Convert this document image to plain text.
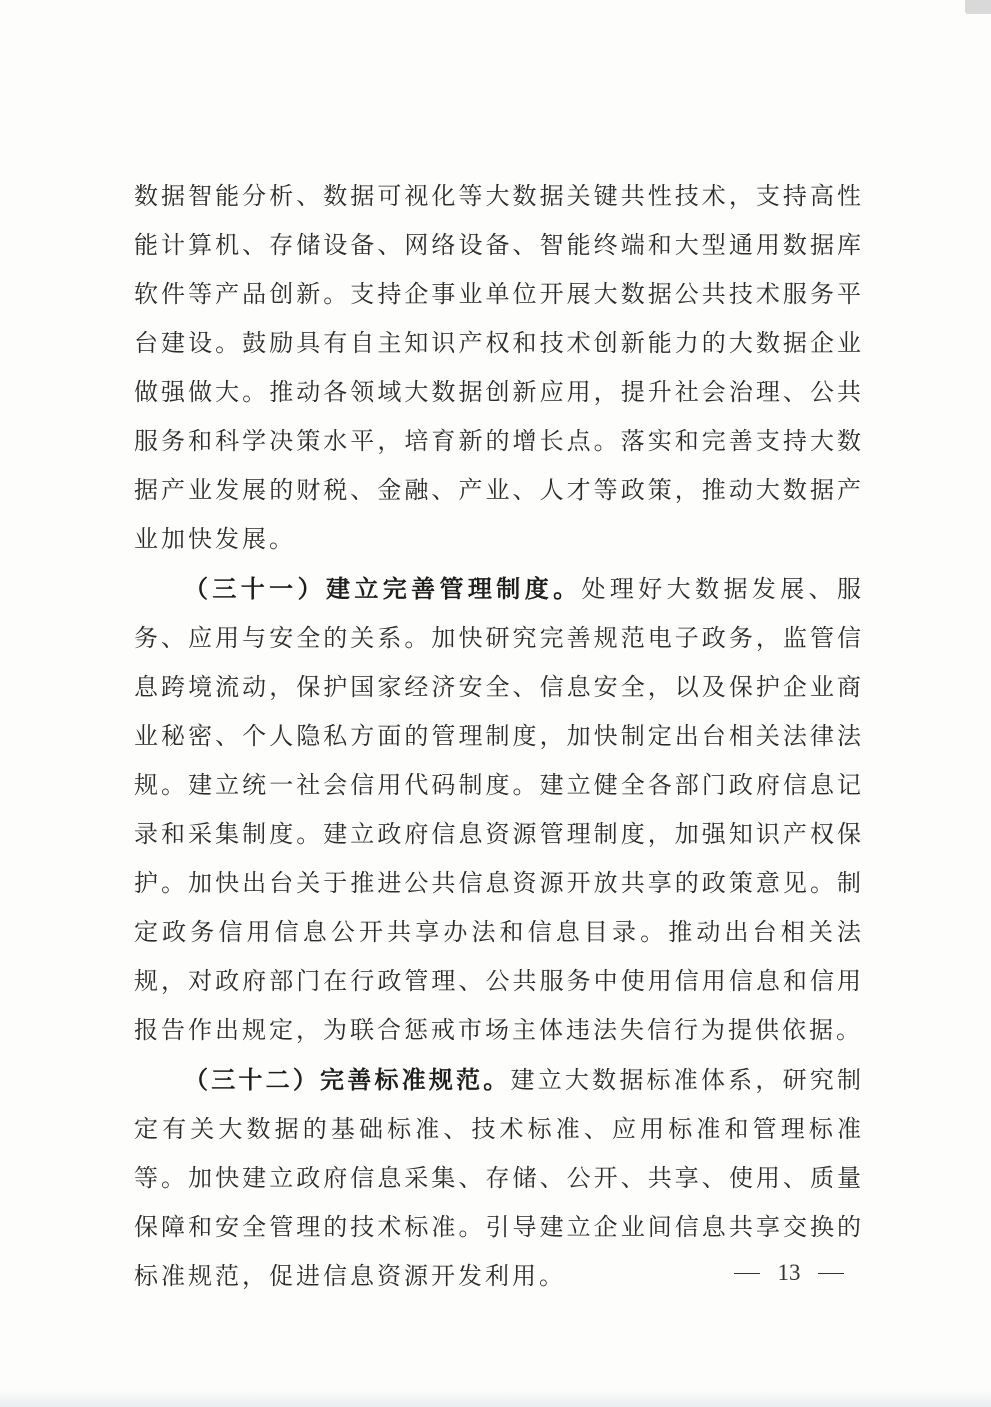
数据智能分析、数据可视化等大数据关键共性技术，支持高性能计算机、存储设备、网络设备、智能终端和大型通用数据库软件等产品创新。支持企事业单位开展大数据公共技术服务平台建设。鼓励具有自主知识产权和技术创新能力的大数据企业做强做大。推动各领域大数据创新应用，提升社会治理、公共服务和科学决策水平，培育新的增长点。落实和完善支持大数据产业发展的财税、金融、产业、人才等政策，推动大数据产业加快发展。

（三十一）建立完善管理制度。处理好大数据发展、服务、应用与安全的关系。加快研究完善规范电子政务，监管信息跨境流动，保护国家经济安全、信息安全，以及保护企业商业秘密、个人隐私方面的管理制度，加快制定出台相关法律法规。建立统一社会信用代码制度。建立健全各部门政府信息记录和采集制度。建立政府信息资源管理制度，加强知识产权保护。加快出台关于推进公共信息资源开放共享的政策意见。制定政务信用信息公开共享办法和信息目录。推动出台相关法规，对政府部门在行政管理、公共服务中使用信用信息和信用报告作出规定，为联合惩戒市场主体违法失信行为提供依据。

（三十二）完善标准规范。建立大数据标准体系，研究制定有关大数据的基础标准、技术标准、应用标准和管理标准等。加快建立政府信息采集、存储、公开、共享、使用、质量保障和安全管理的技术标准。引导建立企业间信息共享交换的标准规范，促进信息资源开发利用。	13
